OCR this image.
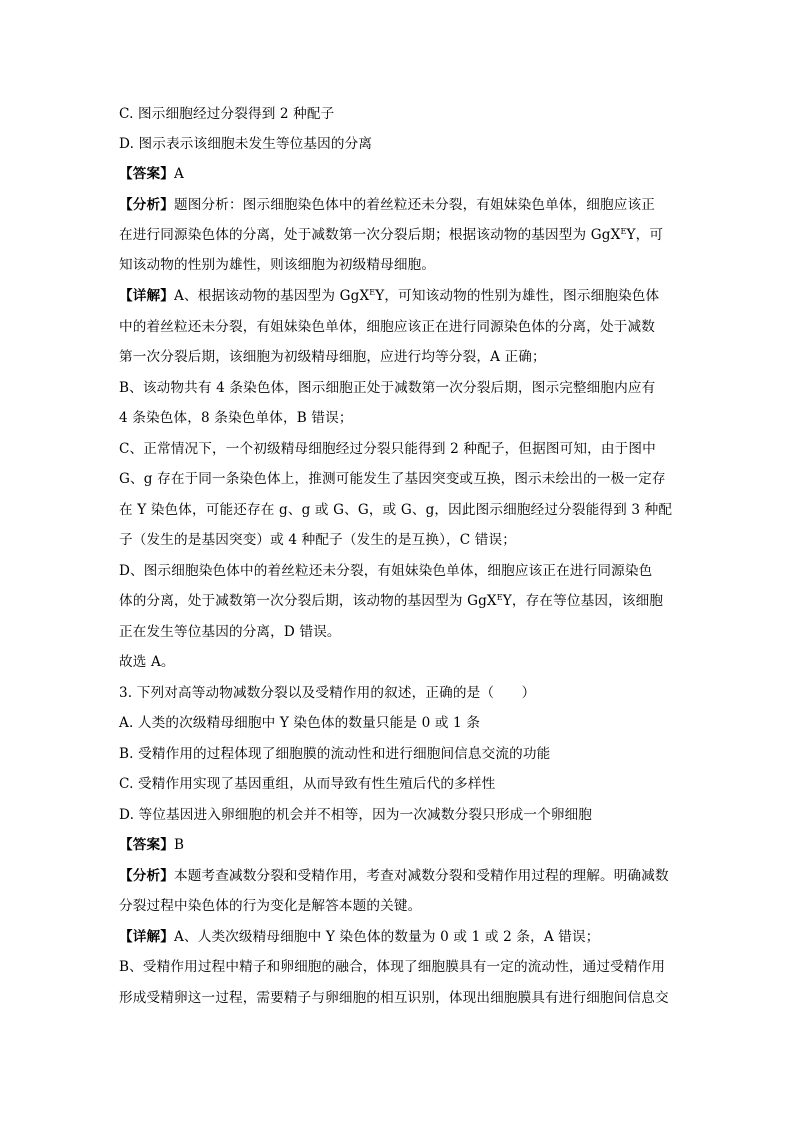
C. 图示细胞经过分裂得到 2 种配子
D. 图示表示该细胞未发生等位基因的分离
【答案】A
【分析】题图分析：图示细胞染色体中的着丝粒还未分裂，有姐妹染色单体，细胞应该正
在进行同源染色体的分离，处于减数第一次分裂后期；根据该动物的基因型为 GgX$^E$Y，可
知该动物的性别为雄性，则该细胞为初级精母细胞。
【详解】A、根据该动物的基因型为 GgX$^E$Y，可知该动物的性别为雄性，图示细胞染色体
中的着丝粒还未分裂，有姐妹染色单体，细胞应该正在进行同源染色体的分离，处于减数
第一次分裂后期，该细胞为初级精母细胞，应进行均等分裂，A 正确；
B、该动物共有 4 条染色体，图示细胞正处于减数第一次分裂后期，图示完整细胞内应有
4 条染色体，8 条染色单体，B 错误；
C、正常情况下，一个初级精母细胞经过分裂只能得到 2 种配子，但据图可知，由于图中
G、g 存在于同一条染色体上，推测可能发生了基因突变或互换，图示未绘出的一极一定存
在 Y 染色体，可能还存在 g、g 或 G、G，或 G、g，因此图示细胞经过分裂能得到 3 种配
子（发生的是基因突变）或 4 种配子（发生的是互换），C 错误；
D、图示细胞染色体中的着丝粒还未分裂，有姐妹染色单体，细胞应该正在进行同源染色
体的分离，处于减数第一次分裂后期，该动物的基因型为 GgX$^E$Y，存在等位基因，该细胞
正在发生等位基因的分离，D 错误。
故选 A。
3. 下列对高等动物减数分裂以及受精作用的叙述，正确的是（　　）
A. 人类的次级精母细胞中 Y 染色体的数量只能是 0 或 1 条
B. 受精作用的过程体现了细胞膜的流动性和进行细胞间信息交流的功能
C. 受精作用实现了基因重组，从而导致有性生殖后代的多样性
D. 等位基因进入卵细胞的机会并不相等，因为一次减数分裂只形成一个卵细胞
【答案】B
【分析】本题考查减数分裂和受精作用，考查对减数分裂和受精作用过程的理解。明确减数
分裂过程中染色体的行为变化是解答本题的关键。
【详解】A、人类次级精母细胞中 Y 染色体的数量为 0 或 1 或 2 条，A 错误；
B、受精作用过程中精子和卵细胞的融合，体现了细胞膜具有一定的流动性，通过受精作用
形成受精卵这一过程，需要精子与卵细胞的相互识别，体现出细胞膜具有进行细胞间信息交
